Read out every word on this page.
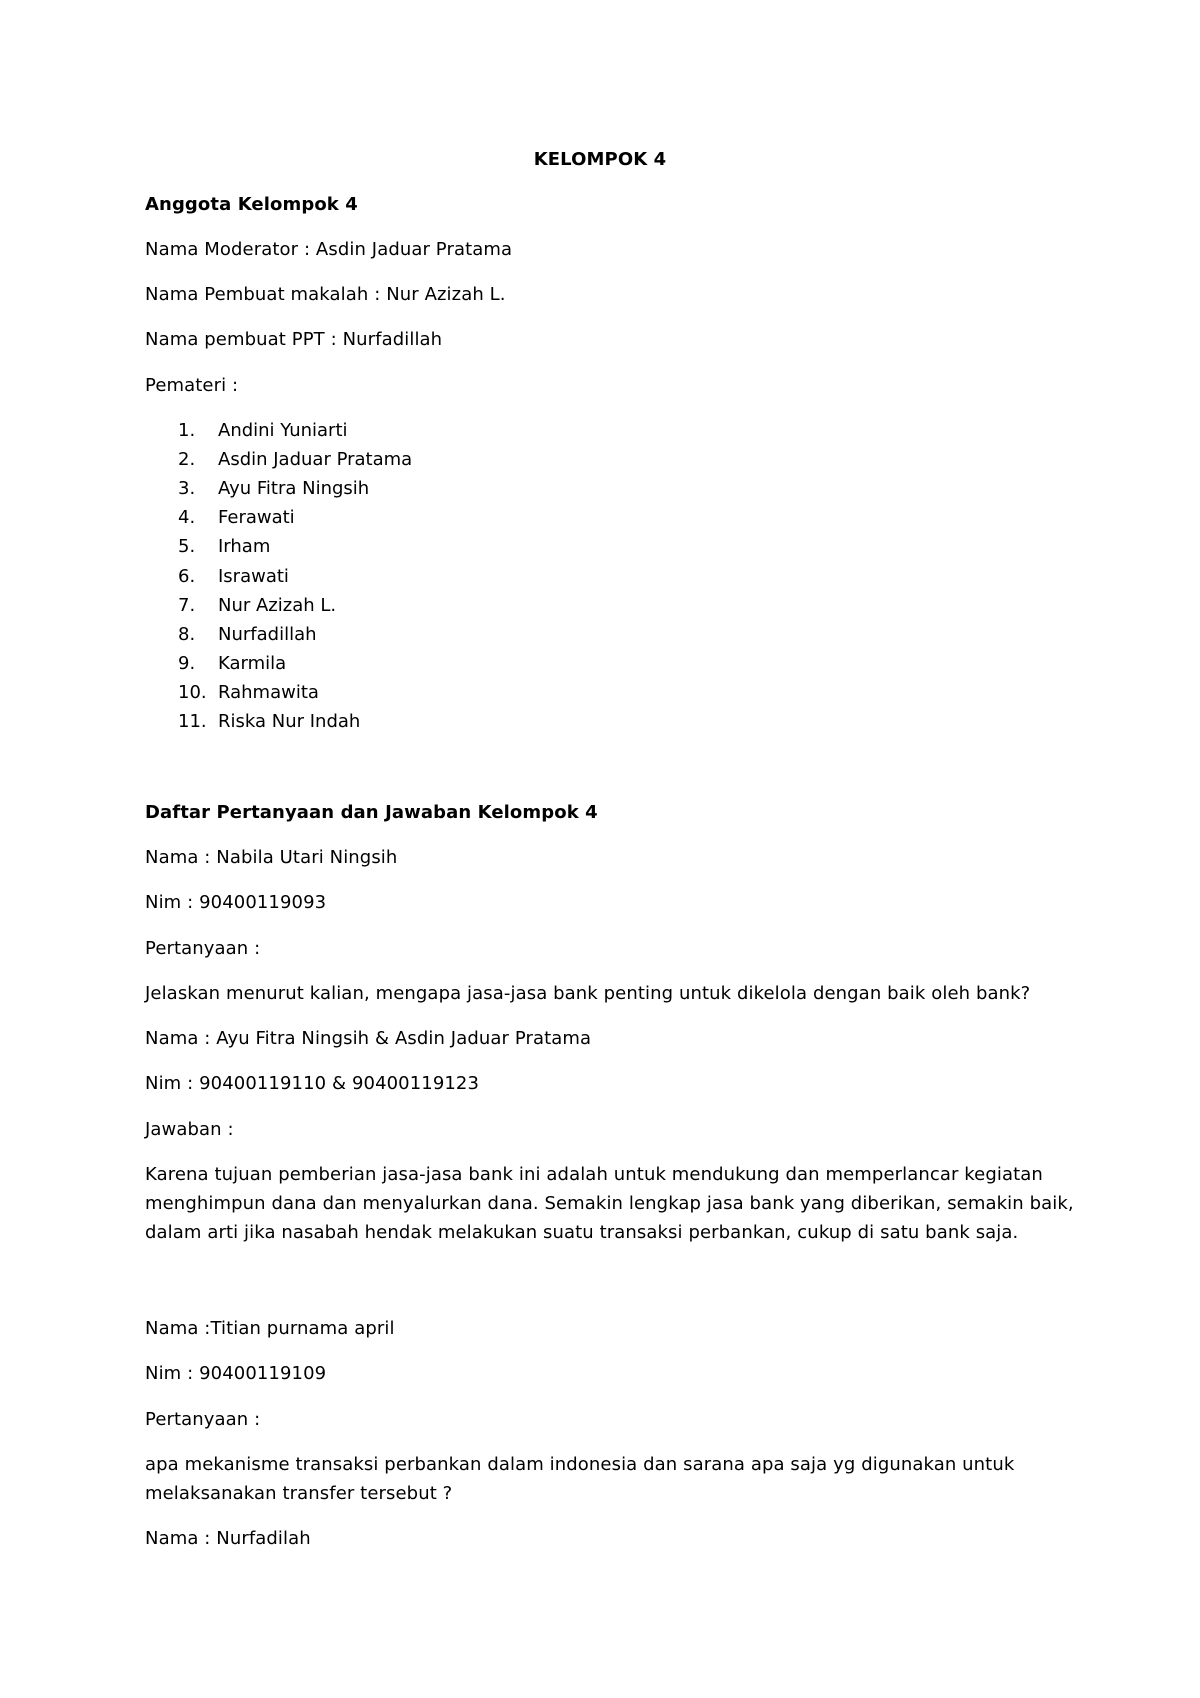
KELOMPOK 4
Anggota Kelompok 4
Nama Moderator : Asdin Jaduar Pratama
Nama Pembuat makalah : Nur Azizah L.
Nama pembuat PPT : Nurfadillah
Pemateri :
1. Andini Yuniarti
2. Asdin Jaduar Pratama
3. Ayu Fitra Ningsih
4. Ferawati
5. Irham
6. Israwati
7. Nur Azizah L.
8. Nurfadillah
9. Karmila
10. Rahmawita
11. Riska Nur Indah
Daftar Pertanyaan dan Jawaban Kelompok 4
Nama : Nabila Utari Ningsih
Nim : 90400119093
Pertanyaan :
Jelaskan menurut kalian, mengapa jasa-jasa bank penting untuk dikelola dengan baik oleh bank?
Nama : Ayu Fitra Ningsih & Asdin Jaduar Pratama
Nim : 90400119110 & 90400119123
Jawaban :
Karena tujuan pemberian jasa-jasa bank ini adalah untuk mendukung dan memperlancar kegiatan
menghimpun dana dan menyalurkan dana. Semakin lengkap jasa bank yang diberikan, semakin baik,
dalam arti jika nasabah hendak melakukan suatu transaksi perbankan, cukup di satu bank saja.
Nama :Titian purnama april
Nim : 90400119109
Pertanyaan :
apa mekanisme transaksi perbankan dalam indonesia dan sarana apa saja yg digunakan untuk
melaksanakan transfer tersebut ?
Nama : Nurfadilah
